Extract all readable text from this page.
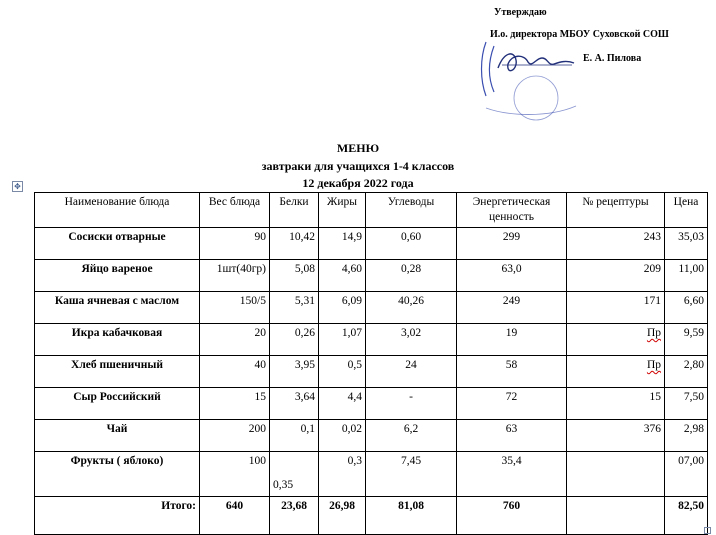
Утверждаю
И.о. директора МБОУ Суховской СОШ
Е. А. Пилова
МЕНЮ
завтраки для учащихся 1-4 классов
12 декабря 2022 года
✥
Наименование блюда	Вес блюда	Белки	Жиры	Углеводы	Энергетическая ценность	№ рецептуры	Цена
Сосиски отварные	90	10,42	14,9	0,60	299	243	35,03
Яйцо вареное	1шт(40гр)	5,08	4,60	0,28	63,0	209	11,00
Каша ячневая с маслом	150/5	5,31	6,09	40,26	249	171	6,60
Икра кабачковая	20	0,26	1,07	3,02	19	Пр	9,59
Хлеб пшеничный	40	3,95	0,5	24	58	Пр	2,80
Сыр Российский	15	3,64	4,4	-	72	15	7,50
Чай	200	0,1	0,02	6,2	63	376	2,98
Фрукты ( яблоко)	100	0,35	0,3	7,45	35,4		07,00
Итого:	640	23,68	26,98	81,08	760		82,50
